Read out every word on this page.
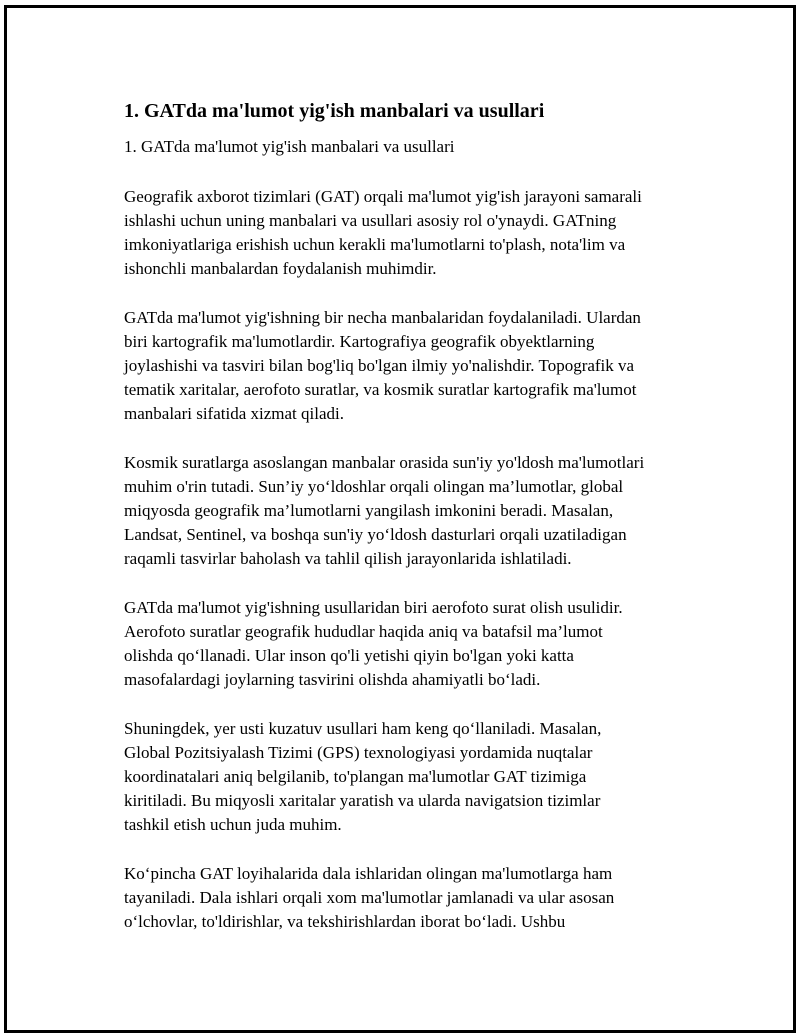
1. GATda ma'lumot yig'ish manbalari va usullari
1. GATda ma'lumot yig'ish manbalari va usullari
Geografik axborot tizimlari (GAT) orqali ma'lumot yig'ish jarayoni samarali
ishlashi uchun uning manbalari va usullari asosiy rol o'ynaydi. GATning
imkoniyatlariga erishish uchun kerakli ma'lumotlarni to'plash, nota'lim va
ishonchli manbalardan foydalanish muhimdir.
GATda ma'lumot yig'ishning bir necha manbalaridan foydalaniladi. Ulardan
biri kartografik ma'lumotlardir. Kartografiya geografik obyektlarning
joylashishi va tasviri bilan bog'liq bo'lgan ilmiy yo'nalishdir. Topografik va
tematik xaritalar, aerofoto suratlar, va kosmik suratlar kartografik ma'lumot
manbalari sifatida xizmat qiladi.
Kosmik suratlarga asoslangan manbalar orasida sun'iy yo'ldosh ma'lumotlari
muhim o'rin tutadi. Sun’iy yo‘ldoshlar orqali olingan ma’lumotlar, global
miqyosda geografik ma’lumotlarni yangilash imkonini beradi. Masalan,
Landsat, Sentinel, va boshqa sun'iy yo‘ldosh dasturlari orqali uzatiladigan
raqamli tasvirlar baholash va tahlil qilish jarayonlarida ishlatiladi.
GATda ma'lumot yig'ishning usullaridan biri aerofoto surat olish usulidir.
Aerofoto suratlar geografik hududlar haqida aniq va batafsil ma’lumot
olishda qo‘llanadi. Ular inson qo'li yetishi qiyin bo'lgan yoki katta
masofalardagi joylarning tasvirini olishda ahamiyatli bo‘ladi.
Shuningdek, yer usti kuzatuv usullari ham keng qo‘llaniladi. Masalan,
Global Pozitsiyalash Tizimi (GPS) texnologiyasi yordamida nuqtalar
koordinatalari aniq belgilanib, to'plangan ma'lumotlar GAT tizimiga
kiritiladi. Bu miqyosli xaritalar yaratish va ularda navigatsion tizimlar
tashkil etish uchun juda muhim.
Ko‘pincha GAT loyihalarida dala ishlaridan olingan ma'lumotlarga ham
tayaniladi. Dala ishlari orqali xom ma'lumotlar jamlanadi va ular asosan
o‘lchovlar, to'ldirishlar, va tekshirishlardan iborat bo‘ladi. Ushbu
